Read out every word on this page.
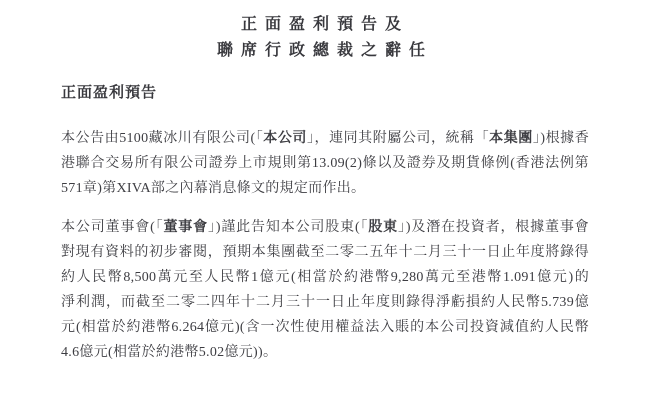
正面盈利預告及
聯席行政總裁之辭任
正面盈利預告
本公告由5100藏冰川有限公司(「本公司」，連同其附屬公司，統稱「本集團」)根據香
港聯合交易所有限公司證券上市規則第13.09(2)條以及證券及期貨條例(香港法例第
571章)第XIVA部之內幕消息條文的規定而作出。
本公司董事會(「董事會」)謹此告知本公司股東(「股東」)及潛在投資者，根據董事會
對現有資料的初步審閱，預期本集團截至二零二五年十二月三十一日止年度將錄得
約人民幣8,500萬元至人民幣1億元(相當於約港幣9,280萬元至港幣1.091億元)的
淨利潤，而截至二零二四年十二月三十一日止年度則錄得淨虧損約人民幣5.739億
元(相當於約港幣6.264億元)(含一次性使用權益法入賬的本公司投資減值約人民幣
4.6億元(相當於約港幣5.02億元))。
